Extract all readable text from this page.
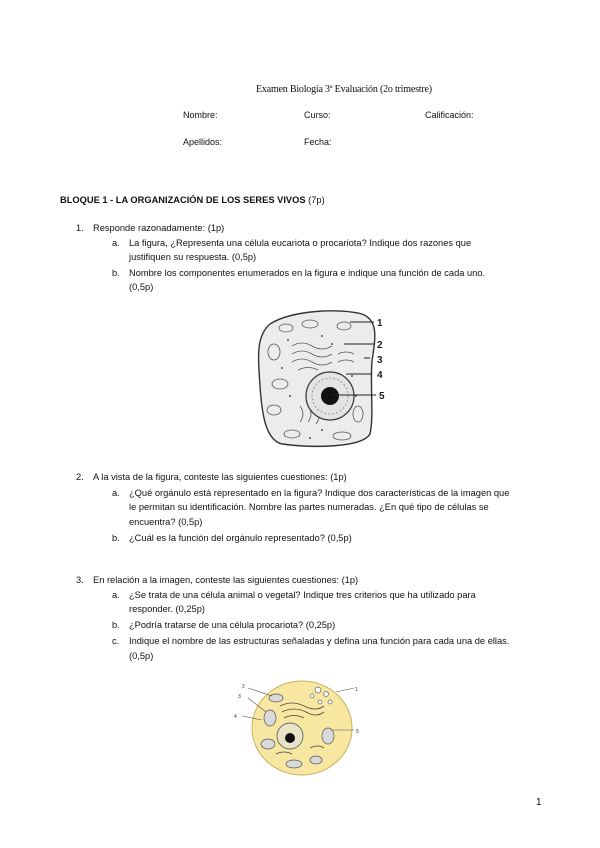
Examen Biología 3ª Evaluación (2o trimestre)
Nombre:	Curso:	Calificación:
Apellidos:	Fecha:
BLOQUE 1 - LA ORGANIZACIÓN DE LOS SERES VIVOS (7p)
1. Responde razonadamente: (1p)
a. La figura, ¿Representa una célula eucariota o procariota? Indique dos razones que
justifiquen su respuesta. (0,5p)
b. Nombre los componentes enumerados en la figura e indique una función de cada uno.
(0,5p)
1
2
3
4
5
2. A la vista de la figura, conteste las siguientes cuestiones: (1p)
a. ¿Qué orgánulo está representado en la figura? Indique dos características de la imagen que
le permitan su identificación. Nombre las partes numeradas. ¿En qué tipo de células se
encuentra? (0,5p)
b. ¿Cuál es la función del orgánulo representado? (0,5p)
3. En relación a la imagen, conteste las siguientes cuestiones: (1p)
a. ¿Se trata de una célula animal o vegetal? Indique tres criterios que ha utilizado para
responder. (0,25p)
b. ¿Podría tratarse de una célula procariota? (0,25p)
c. Indique el nombre de las estructuras señaladas y defina una función para cada una de ellas.
(0,5p)
1
2
3
4
5
1
